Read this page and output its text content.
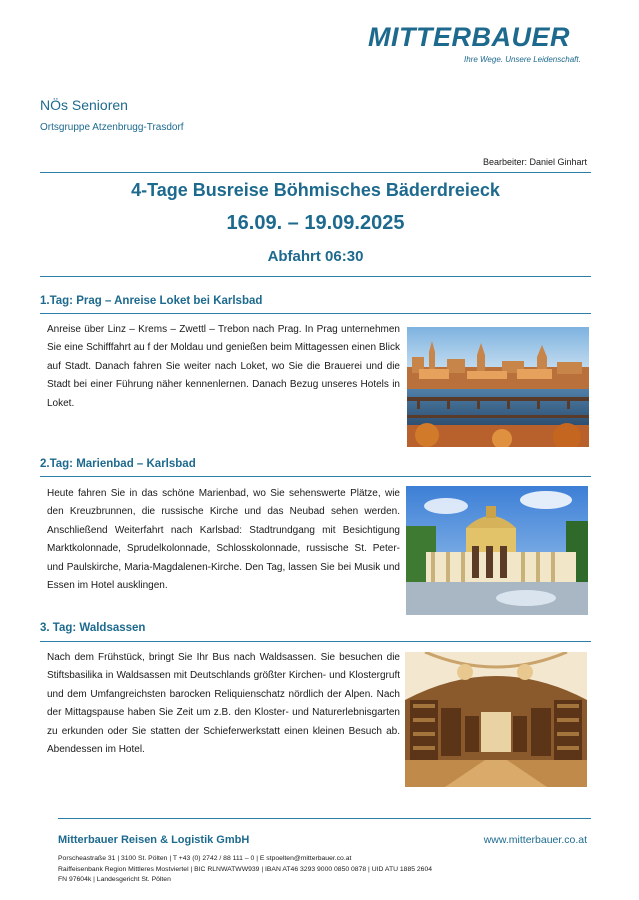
MITTERBAUER
Ihre Wege. Unsere Leidenschaft.
NÖs Senioren
Ortsgruppe Atzenbrugg-Trasdorf
Bearbeiter: Daniel Ginhart
4-Tage Busreise Böhmisches Bäderdreieck
16.09. – 19.09.2025
Abfahrt 06:30
1.Tag: Prag – Anreise Loket bei Karlsbad
Anreise über Linz – Krems – Zwettl – Trebon nach Prag. In Prag unternehmen Sie eine Schifffahrt au f der Moldau und genießen beim Mittagessen einen Blick auf Stadt. Danach fahren Sie weiter nach Loket, wo Sie die Brauerei und die Stadt bei einer Führung näher kennenlernen. Danach Bezug unseres Hotels in Loket.
2.Tag: Marienbad – Karlsbad
Heute fahren Sie in das schöne Marienbad, wo Sie sehenswerte Plätze, wie den Kreuzbrunnen, die russische Kirche und das Neubad sehen werden. Anschließend Weiterfahrt nach Karlsbad: Stadtrundgang mit Besichtigung Marktkolonnade, Sprudelkolonnade, Schlosskolonnade, russische St. Peter- und Paulskirche, Maria-Magdalenen-Kirche. Den Tag, lassen Sie bei Musik und Essen im Hotel ausklingen.
3. Tag: Waldsassen
Nach dem Frühstück, bringt Sie Ihr Bus nach Waldsassen. Sie besuchen die Stiftsbasilika in Waldsassen mit Deutschlands größter Kirchen- und Klostergruft und dem Umfangreichsten barocken Reliquienschatz nördlich der Alpen. Nach der Mittagspause haben Sie Zeit um z.B. den Kloster- und Naturerlebnisgarten zu erkunden oder Sie statten der Schieferwerkstatt einen kleinen Besuch ab. Abendessen im Hotel.
Mitterbauer Reisen & Logistik GmbH	www.mitterbauer.co.at
Porscheastraße 31 | 3100 St. Pölten | T +43 (0) 2742 / 88 111 – 0 | E stpoelten@mitterbauer.co.at
Raiffeisenbank Region Mittleres Mostviertel | BIC RLNWATWW939 | IBAN AT46 3293 9000 0850 0878 | UID ATU 1885 2604
FN 97604k | Landesgericht St. Pölten
